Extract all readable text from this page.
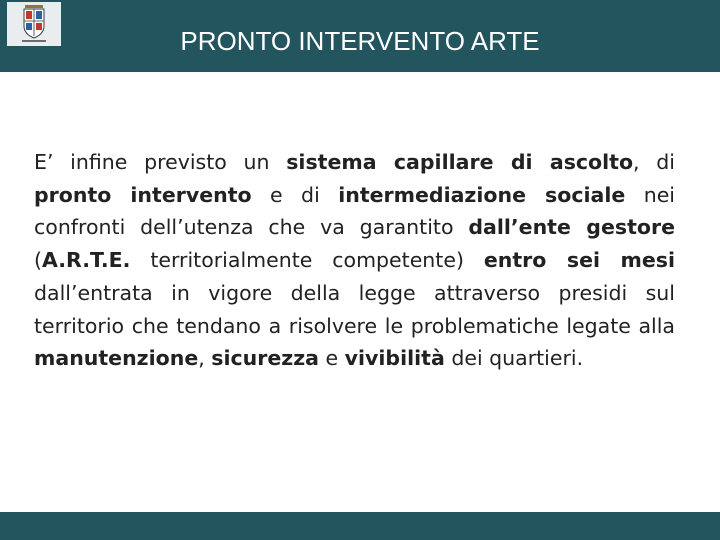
PRONTO INTERVENTO ARTE

E’ infine previsto un sistema capillare di ascolto, di pronto intervento e di intermediazione sociale nei confronti dell’utenza che va garantito dall’ente gestore (A.R.T.E. territorialmente competente) entro sei mesi dall’entrata in vigore della legge attraverso presidi sul territorio che tendano a risolvere le problematiche legate alla manutenzione, sicurezza e vivibilità dei quartieri.
